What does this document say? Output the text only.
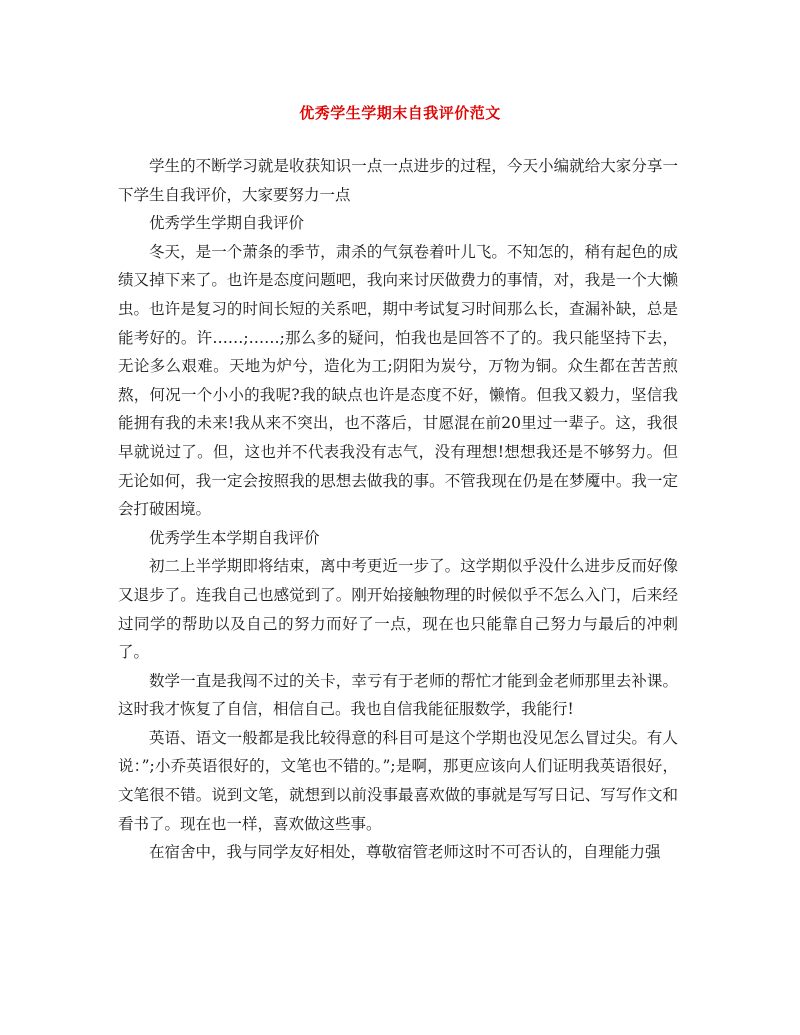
优秀学生学期末自我评价范文

学生的不断学习就是收获知识一点一点进步的过程，今天小编就给大家分享一下学生自我评价，大家要努力一点

优秀学生学期自我评价

冬天，是一个萧条的季节，肃杀的气氛卷着叶儿飞。不知怎的，稍有起色的成绩又掉下来了。也许是态度问题吧，我向来讨厌做费力的事情，对，我是一个大懒虫。也许是复习的时间长短的关系吧，期中考试复习时间那么长，查漏补缺，总是能考好的。许……;……;那么多的疑问，怕我也是回答不了的。我只能坚持下去，无论多么艰难。天地为炉兮，造化为工;阴阳为炭兮，万物为铜。众生都在苦苦煎熬，何况一个小小的我呢?我的缺点也许是态度不好，懒惰。但我又毅力，坚信我能拥有我的未来!我从来不突出，也不落后，甘愿混在前20里过一辈子。这，我很早就说过了。但，这也并不代表我没有志气，没有理想!想想我还是不够努力。但无论如何，我一定会按照我的思想去做我的事。不管我现在仍是在梦魇中。我一定会打破困境。

优秀学生本学期自我评价

初二上半学期即将结束，离中考更近一步了。这学期似乎没什么进步反而好像又退步了。连我自己也感觉到了。刚开始接触物理的时候似乎不怎么入门，后来经过同学的帮助以及自己的努力而好了一点，现在也只能靠自己努力与最后的冲刺了。

数学一直是我闯不过的关卡，幸亏有于老师的帮忙才能到金老师那里去补课。这时我才恢复了自信，相信自己。我也自信我能征服数学，我能行!

英语、语文一般都是我比较得意的科目可是这个学期也没见怎么冒过尖。有人说：”;小乔英语很好的，文笔也不错的。”;是啊，那更应该向人们证明我英语很好，文笔很不错。说到文笔，就想到以前没事最喜欢做的事就是写写日记、写写作文和看书了。现在也一样，喜欢做这些事。

在宿舍中，我与同学友好相处，尊敬宿管老师这时不可否认的，自理能力强
